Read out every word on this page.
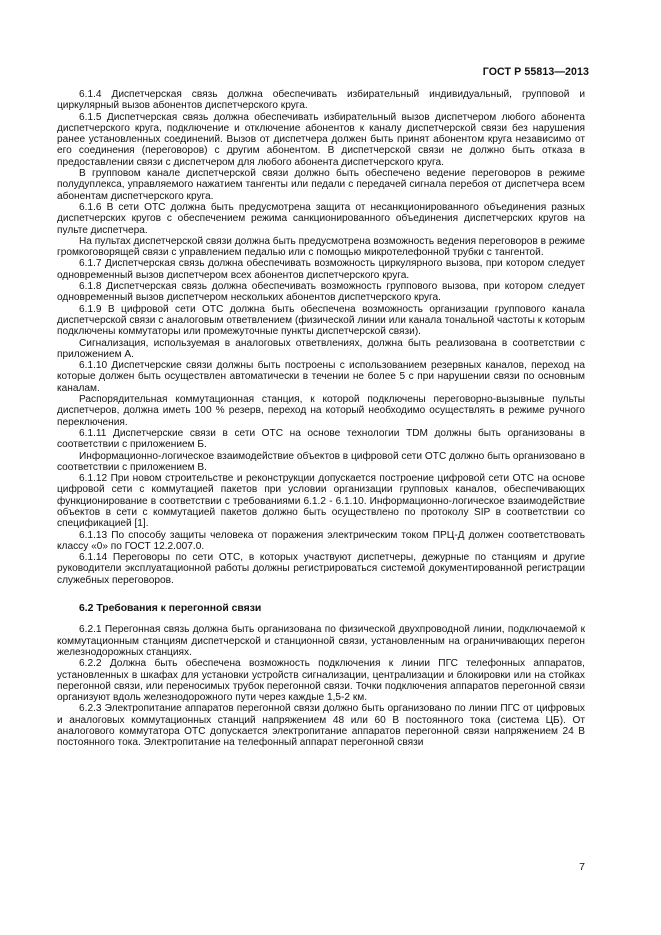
ГОСТ Р 55813—2013

6.1.4 Диспетчерская связь должна обеспечивать избирательный индивидуальный, групповой и циркулярный вызов абонентов диспетчерского круга.

6.1.5 Диспетчерская связь должна обеспечивать избирательный вызов диспетчером любого абонента диспетчерского круга, подключение и отключение абонентов к каналу диспетчерской связи без нарушения ранее установленных соединений. Вызов от диспетчера должен быть принят абонентом круга независимо от его соединения (переговоров) с другим абонентом. В диспетчерской связи не должно быть отказа в предоставлении связи с диспетчером для любого абонента диспетчерского круга.

В групповом канале диспетчерской связи должно быть обеспечено ведение переговоров в режиме полудуплекса, управляемого нажатием тангенты или педали с передачей сигнала перебоя от диспетчера всем абонентам диспетчерского круга.

6.1.6 В сети ОТС должна быть предусмотрена защита от несанкционированного объединения разных диспетчерских кругов с обеспечением режима санкционированного объединения диспетчерских кругов на пульте диспетчера.

На пультах диспетчерской связи должна быть предусмотрена возможность ведения переговоров в режиме громкоговорящей связи с управлением педалью или с помощью микротелефонной трубки с тангентой.

6.1.7 Диспетчерская связь должна обеспечивать возможность циркулярного вызова, при котором следует одновременный вызов диспетчером всех абонентов диспетчерского круга.

6.1.8 Диспетчерская связь должна обеспечивать возможность группового вызова, при котором следует одновременный вызов диспетчером нескольких абонентов диспетчерского круга.

6.1.9 В цифровой сети ОТС должна быть обеспечена возможность организации группового канала диспетчерской связи с аналоговым ответвлением (физической линии или канала тональной частоты к которым подключены коммутаторы или промежуточные пункты диспетчерской связи).

Сигнализация, используемая в аналоговых ответвлениях, должна быть реализована в соответствии с приложением А.

6.1.10 Диспетчерские связи должны быть построены с использованием резервных каналов, переход на которые должен быть осуществлен автоматически в течении не более 5 с при нарушении связи по основным каналам.

Распорядительная коммутационная станция, к которой подключены переговорно-вызывные пульты диспетчеров, должна иметь 100 % резерв, переход на который необходимо осуществлять в режиме ручного переключения.

6.1.11 Диспетчерские связи в сети ОТС на основе технологии TDM должны быть организованы в соответствии с приложением Б.

Информационно-логическое взаимодействие объектов в цифровой сети ОТС должно быть организовано в соответствии с приложением В.

6.1.12 При новом строительстве и реконструкции допускается построение цифровой сети ОТС на основе цифровой сети с коммутацией пакетов при условии организации групповых каналов, обеспечивающих функционирование в соответствии с требованиями 6.1.2 - 6.1.10. Информационно-логическое взаимодействие объектов в сети с коммутацией пакетов должно быть осуществлено по протоколу SIP в соответствии со спецификацией [1].

6.1.13 По способу защиты человека от поражения электрическим током ПРЦ-Д должен соответствовать классу «0» по ГОСТ 12.2.007.0.

6.1.14 Переговоры по сети ОТС, в которых участвуют диспетчеры, дежурные по станциям и другие руководители эксплуатационной работы должны регистрироваться системой документированной регистрации служебных переговоров.

6.2 Требования к перегонной связи

6.2.1 Перегонная связь должна быть организована по физической двухпроводной линии, подключаемой к коммутационным станциям диспетчерской и станционной связи, установленным на ограничивающих перегон железнодорожных станциях.

6.2.2 Должна быть обеспечена возможность подключения к линии ПГС телефонных аппаратов, установленных в шкафах для установки устройств сигнализации, централизации и блокировки или на стойках перегонной связи, или переносимых трубок перегонной связи. Точки подключения аппаратов перегонной связи организуют вдоль железнодорожного пути через каждые 1,5-2 км.

6.2.3 Электропитание аппаратов перегонной связи должно быть организовано по линии ПГС от цифровых и аналоговых коммутационных станций напряжением 48 или 60 В постоянного тока (система ЦБ). От аналогового коммутатора ОТС допускается электропитание аппаратов перегонной связи напряжением 24 В постоянного тока. Электропитание на телефонный аппарат перегонной связи

7
